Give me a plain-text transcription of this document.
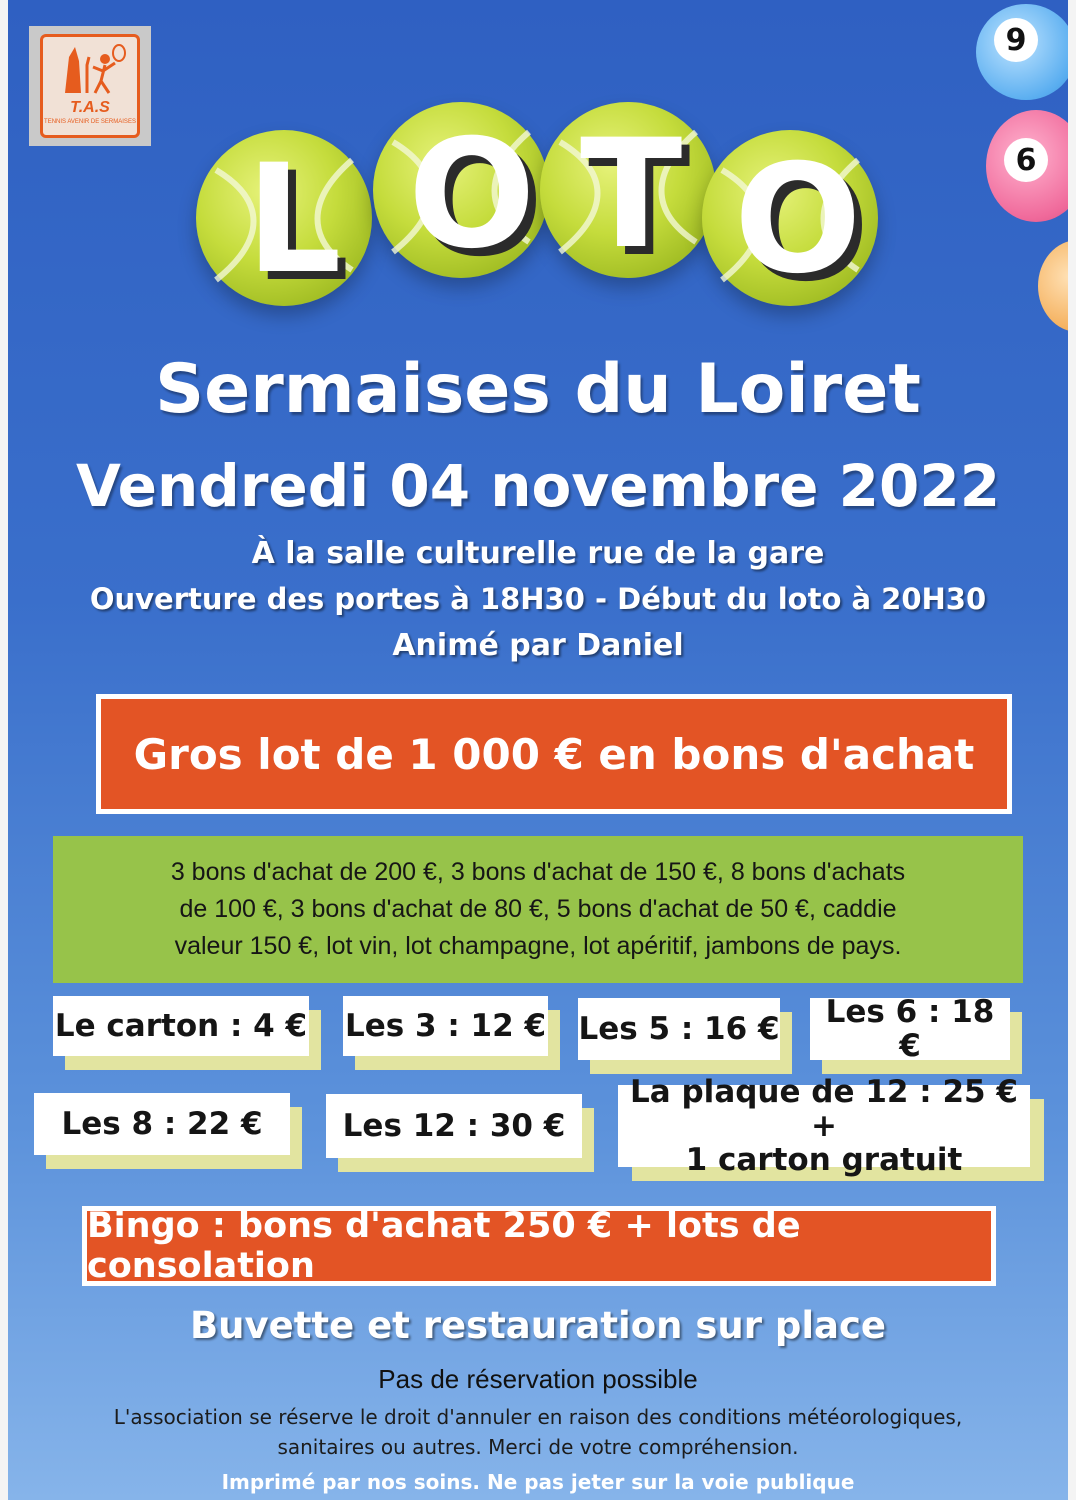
T.A.S
TENNIS AVENIR DE SERMAISES
9
6
L O T O
Sermaises du Loiret
Vendredi 04 novembre 2022
À la salle culturelle rue de la gare
Ouverture des portes à 18H30 - Début du loto à 20H30
Animé par Daniel
Gros lot de 1 000 € en bons d'achat
3 bons d'achat de 200 €, 3 bons d'achat de 150 €, 8 bons d'achats
de 100 €, 3 bons d'achat de 80 €, 5 bons d'achat de 50 €, caddie
valeur 150 €, lot vin, lot champagne, lot apéritif, jambons de pays.
Le carton : 4 € Les 3 : 12 € Les 5 : 16 €	Les 6 : 18 €
Les 8 : 22 €	Les 12 : 30 €
La plaque de 12 : 25 € +
1 carton gratuit
Bingo : bons d'achat 250 € + lots de consolation
Buvette et restauration sur place
Pas de réservation possible
L'association se réserve le droit d'annuler en raison des conditions météorologiques,
sanitaires ou autres. Merci de votre compréhension.
Imprimé par nos soins. Ne pas jeter sur la voie publique
